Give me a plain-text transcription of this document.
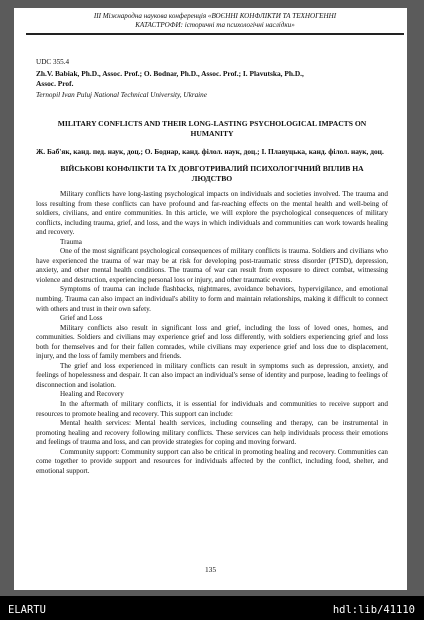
ІІІ Міжнародна наукова конференція «ВОЄННІ КОНФЛІКТИ ТА ТЕХНОГЕННІ
КАТАСТРОФИ: історичні та психологічні наслідки»
UDC 355.4
Zh.V. Babiak, Ph.D., Assoc. Prof.; O. Bodnar, Ph.D., Assoc. Prof.; I. Plavutska, Ph.D.,
Assoc. Prof.
Ternopil Ivan Puluj National Technical University, Ukraine
MILITARY CONFLICTS AND THEIR LONG-LASTING PSYCHOLOGICAL IMPACTS ON HUMANITY
Ж. Баб'як, канд. пед. наук, доц.; О. Боднар, канд. філол. наук, доц.; І. Плавуцька, канд. філол. наук, доц.
ВІЙСЬКОВІ КОНФЛІКТИ ТА ЇХ ДОВГОТРИВАЛИЙ ПСИХОЛОГІЧНИЙ ВПЛИВ НА ЛЮДСТВО

Military conflicts have long-lasting psychological impacts on individuals and societies involved. The trauma and loss resulting from these conflicts can have profound and far-reaching effects on the mental health and well-being of soldiers, civilians, and entire communities. In this article, we will explore the psychological consequences of military conflicts, including trauma, grief, and loss, and the ways in which individuals and communities can work towards healing and recovery.

Trauma

One of the most significant psychological consequences of military conflicts is trauma. Soldiers and civilians who have experienced the trauma of war may be at risk for developing post-traumatic stress disorder (PTSD), depression, anxiety, and other mental health conditions. The trauma of war can result from exposure to direct combat, witnessing violence and destruction, experiencing personal loss or injury, and other traumatic events.

Symptoms of trauma can include flashbacks, nightmares, avoidance behaviors, hypervigilance, and emotional numbing. Trauma can also impact an individual's ability to form and maintain relationships, making it difficult to connect with others and trust in their own safety.

Grief and Loss

Military conflicts also result in significant loss and grief, including the loss of loved ones, homes, and communities. Soldiers and civilians may experience grief and loss differently, with soldiers experiencing grief and loss both for themselves and for their fallen comrades, while civilians may experience grief and loss due to displacement, injury, and the loss of family members and friends.

The grief and loss experienced in military conflicts can result in symptoms such as depression, anxiety, and feelings of hopelessness and despair. It can also impact an individual's sense of identity and purpose, leading to feelings of disconnection and isolation.

Healing and Recovery

In the aftermath of military conflicts, it is essential for individuals and communities to receive support and resources to promote healing and recovery. This support can include:

Mental health services: Mental health services, including counseling and therapy, can be instrumental in promoting healing and recovery following military conflicts. These services can help individuals process their emotions and feelings of trauma and loss, and can provide strategies for coping and moving forward.

Community support: Community support can also be critical in promoting healing and recovery. Communities can come together to provide support and resources for individuals affected by the conflict, including food, shelter, and emotional support.

135
ELARTU	hdl:lib/41110
